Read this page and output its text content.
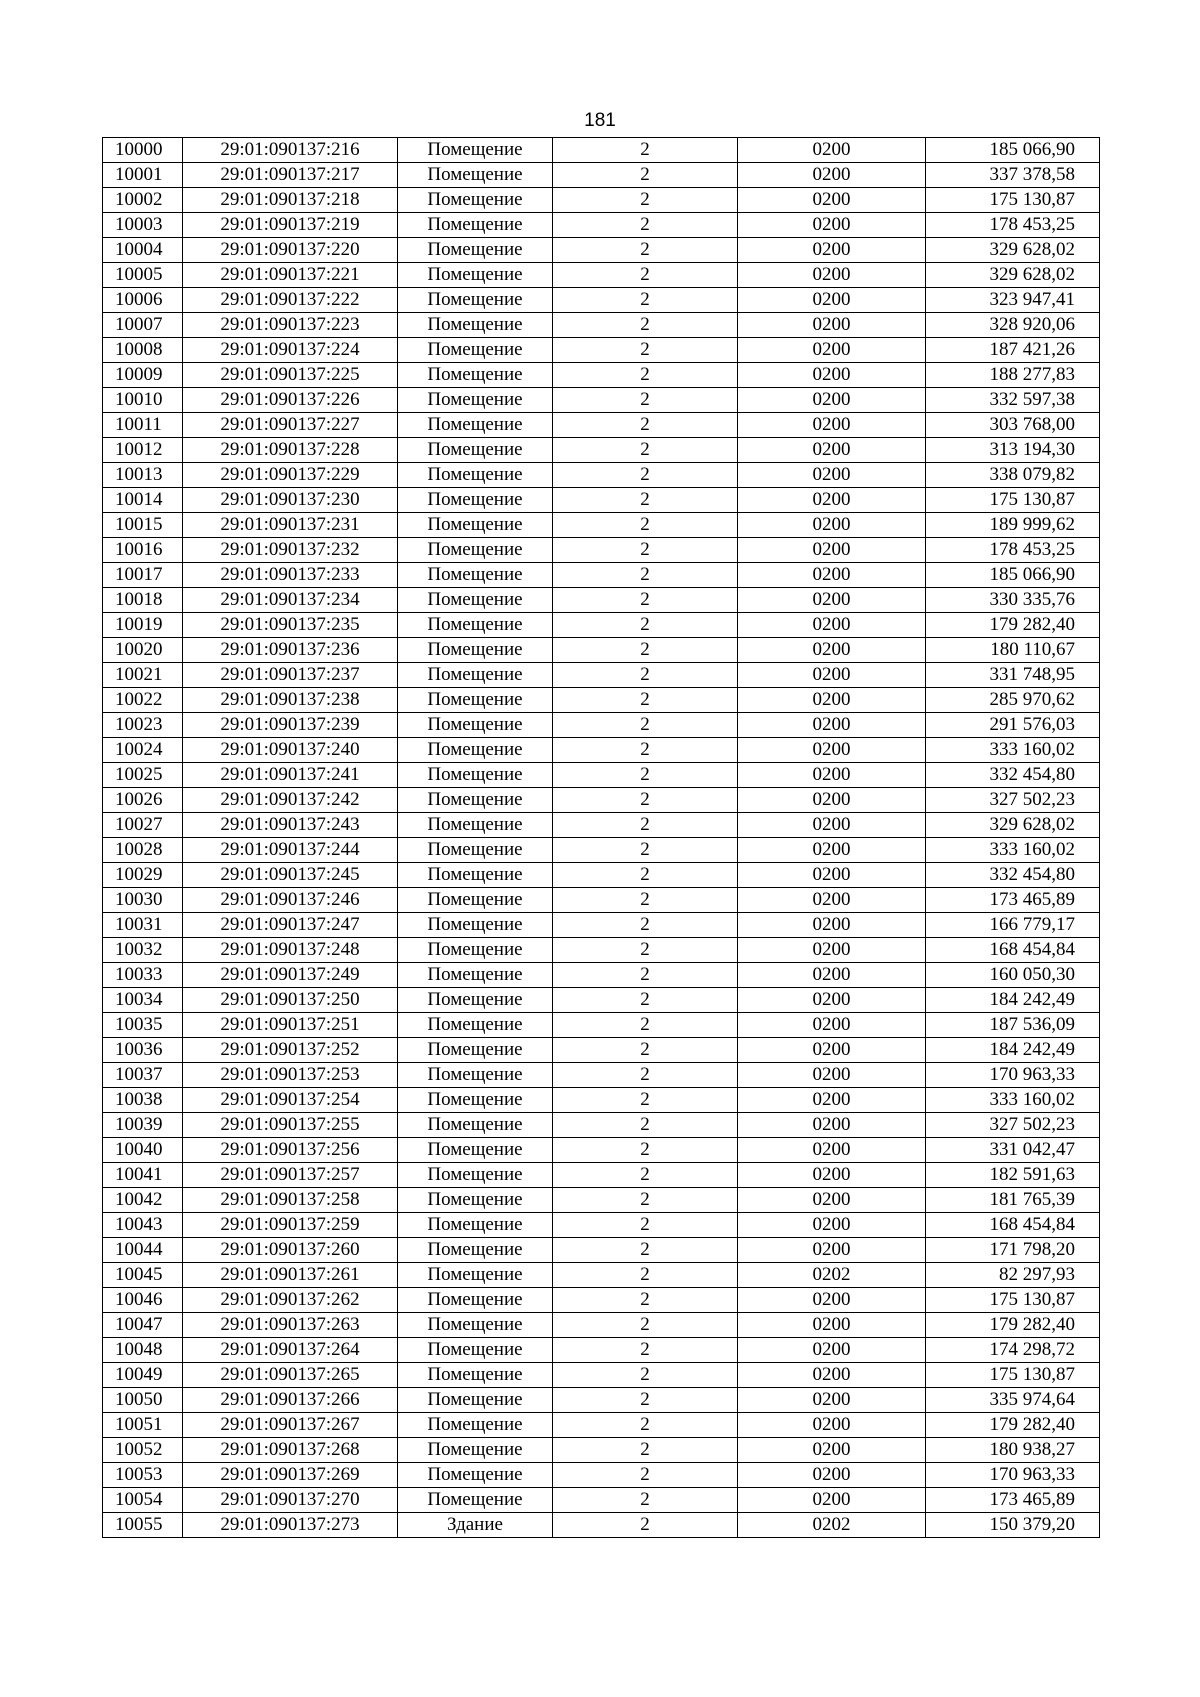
181
10000	29:01:090137:216	Помещение	2	0200	185 066,90
10001	29:01:090137:217	Помещение	2	0200	337 378,58
10002	29:01:090137:218	Помещение	2	0200	175 130,87
10003	29:01:090137:219	Помещение	2	0200	178 453,25
10004	29:01:090137:220	Помещение	2	0200	329 628,02
10005	29:01:090137:221	Помещение	2	0200	329 628,02
10006	29:01:090137:222	Помещение	2	0200	323 947,41
10007	29:01:090137:223	Помещение	2	0200	328 920,06
10008	29:01:090137:224	Помещение	2	0200	187 421,26
10009	29:01:090137:225	Помещение	2	0200	188 277,83
10010	29:01:090137:226	Помещение	2	0200	332 597,38
10011	29:01:090137:227	Помещение	2	0200	303 768,00
10012	29:01:090137:228	Помещение	2	0200	313 194,30
10013	29:01:090137:229	Помещение	2	0200	338 079,82
10014	29:01:090137:230	Помещение	2	0200	175 130,87
10015	29:01:090137:231	Помещение	2	0200	189 999,62
10016	29:01:090137:232	Помещение	2	0200	178 453,25
10017	29:01:090137:233	Помещение	2	0200	185 066,90
10018	29:01:090137:234	Помещение	2	0200	330 335,76
10019	29:01:090137:235	Помещение	2	0200	179 282,40
10020	29:01:090137:236	Помещение	2	0200	180 110,67
10021	29:01:090137:237	Помещение	2	0200	331 748,95
10022	29:01:090137:238	Помещение	2	0200	285 970,62
10023	29:01:090137:239	Помещение	2	0200	291 576,03
10024	29:01:090137:240	Помещение	2	0200	333 160,02
10025	29:01:090137:241	Помещение	2	0200	332 454,80
10026	29:01:090137:242	Помещение	2	0200	327 502,23
10027	29:01:090137:243	Помещение	2	0200	329 628,02
10028	29:01:090137:244	Помещение	2	0200	333 160,02
10029	29:01:090137:245	Помещение	2	0200	332 454,80
10030	29:01:090137:246	Помещение	2	0200	173 465,89
10031	29:01:090137:247	Помещение	2	0200	166 779,17
10032	29:01:090137:248	Помещение	2	0200	168 454,84
10033	29:01:090137:249	Помещение	2	0200	160 050,30
10034	29:01:090137:250	Помещение	2	0200	184 242,49
10035	29:01:090137:251	Помещение	2	0200	187 536,09
10036	29:01:090137:252	Помещение	2	0200	184 242,49
10037	29:01:090137:253	Помещение	2	0200	170 963,33
10038	29:01:090137:254	Помещение	2	0200	333 160,02
10039	29:01:090137:255	Помещение	2	0200	327 502,23
10040	29:01:090137:256	Помещение	2	0200	331 042,47
10041	29:01:090137:257	Помещение	2	0200	182 591,63
10042	29:01:090137:258	Помещение	2	0200	181 765,39
10043	29:01:090137:259	Помещение	2	0200	168 454,84
10044	29:01:090137:260	Помещение	2	0200	171 798,20
10045	29:01:090137:261	Помещение	2	0202	82 297,93
10046	29:01:090137:262	Помещение	2	0200	175 130,87
10047	29:01:090137:263	Помещение	2	0200	179 282,40
10048	29:01:090137:264	Помещение	2	0200	174 298,72
10049	29:01:090137:265	Помещение	2	0200	175 130,87
10050	29:01:090137:266	Помещение	2	0200	335 974,64
10051	29:01:090137:267	Помещение	2	0200	179 282,40
10052	29:01:090137:268	Помещение	2	0200	180 938,27
10053	29:01:090137:269	Помещение	2	0200	170 963,33
10054	29:01:090137:270	Помещение	2	0200	173 465,89
10055	29:01:090137:273	Здание	2	0202	150 379,20
